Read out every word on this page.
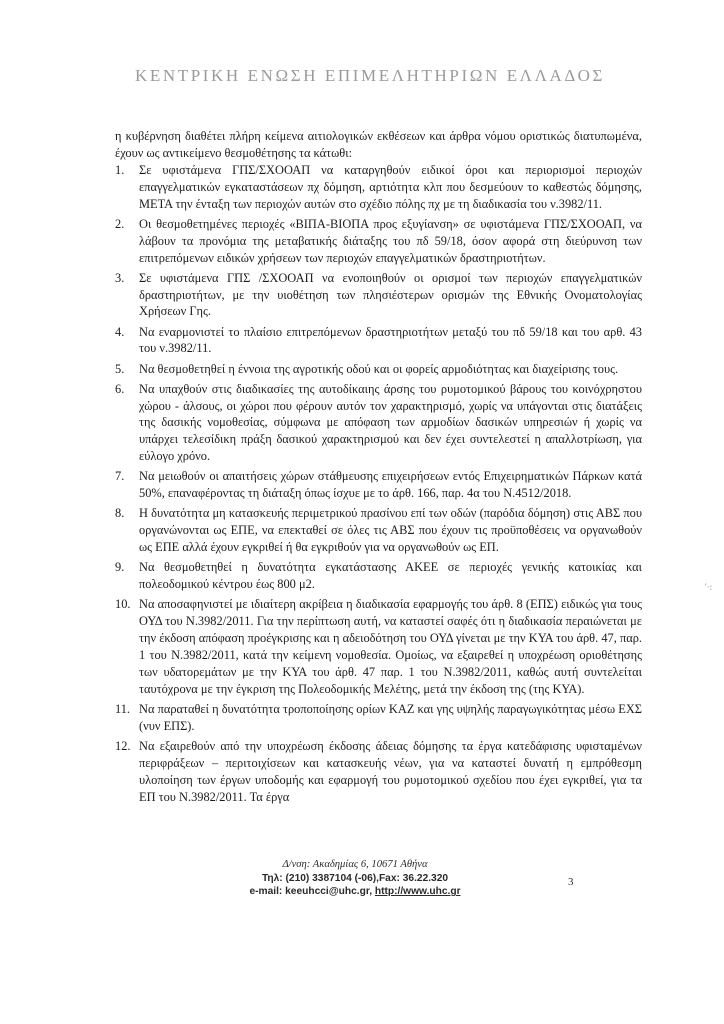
ΚΕΝΤΡΙΚΗ ΕΝΩΣΗ ΕΠΙΜΕΛΗΤΗΡΙΩΝ ΕΛΛΑΔΟΣ

η κυβέρνηση διαθέτει πλήρη κείμενα αιτιολογικών εκθέσεων και άρθρα νόμου οριστικώς διατυπωμένα, έχουν ως αντικείμενο θεσμοθέτησης τα κάτωθι:

1.	Σε υφιστάμενα ΓΠΣ/ΣΧΟΟΑΠ να καταργηθούν ειδικοί όροι και περιορισμοί περιοχών επαγγελματικών εγκαταστάσεων πχ δόμηση, αρτιότητα κλπ που δεσμεύουν το καθεστώς δόμησης, ΜΕΤΑ την ένταξη των περιοχών αυτών στο σχέδιο πόλης πχ με τη διαδικασία του ν.3982/11.
2.	Οι θεσμοθετημένες περιοχές «ΒΙΠΑ-ΒΙΟΠΑ προς εξυγίανση» σε υφιστάμενα ΓΠΣ/ΣΧΟΟΑΠ, να λάβουν τα προνόμια της μεταβατικής διάταξης του πδ 59/18, όσον αφορά στη διεύρυνση των επιτρεπόμενων ειδικών χρήσεων των περιοχών επαγγελματικών δραστηριοτήτων.
3.	Σε υφιστάμενα ΓΠΣ /ΣΧΟΟΑΠ να ενοποιηθούν οι ορισμοί των περιοχών επαγγελματικών δραστηριοτήτων, με την υιοθέτηση των πλησιέστερων ορισμών της Εθνικής Ονοματολογίας Χρήσεων Γης.
4.	Να εναρμονιστεί το πλαίσιο επιτρεπόμενων δραστηριοτήτων μεταξύ του πδ 59/18 και του αρθ. 43 του ν.3982/11.
5.	Να θεσμοθετηθεί η έννοια της αγροτικής οδού και οι φορείς αρμοδιότητας και διαχείρισης τους.
6.	Να υπαχθούν στις διαδικασίες της αυτοδίκαιης άρσης του ρυμοτομικού βάρους του κοινόχρηστου χώρου - άλσους, οι χώροι που φέρουν αυτόν τον χαρακτηρισμό, χωρίς να υπάγονται στις διατάξεις της δασικής νομοθεσίας, σύμφωνα με απόφαση των αρμοδίων δασικών υπηρεσιών ή χωρίς να υπάρχει τελεσίδικη πράξη δασικού χαρακτηρισμού και δεν έχει συντελεστεί η απαλλοτρίωση, για εύλογο χρόνο.
7.	Να μειωθούν οι απαιτήσεις χώρων στάθμευσης επιχειρήσεων εντός Επιχειρηματικών Πάρκων κατά 50%, επαναφέροντας τη διάταξη όπως ίσχυε με το άρθ. 166, παρ. 4α του Ν.4512/2018.
8.	Η δυνατότητα μη κατασκευής περιμετρικού πρασίνου επί των οδών (παρόδια δόμηση) στις ΑΒΣ που οργανώνονται ως ΕΠΕ, να επεκταθεί σε όλες τις ΑΒΣ που έχουν τις προϋποθέσεις να οργανωθούν ως ΕΠΕ αλλά έχουν εγκριθεί ή θα εγκριθούν για να οργανωθούν ως ΕΠ.
9.	Να θεσμοθετηθεί η δυνατότητα εγκατάστασης ΑΚΕΕ σε περιοχές γενικής κατοικίας και πολεοδομικού κέντρου έως 800 μ2.
10. Να αποσαφηνιστεί με ιδιαίτερη ακρίβεια η διαδικασία εφαρμογής του άρθ. 8 (ΕΠΣ) ειδικώς για τους ΟΥΔ του Ν.3982/2011. Για την περίπτωση αυτή, να καταστεί σαφές ότι η διαδικασία περαιώνεται με την έκδοση απόφαση προέγκρισης και η αδειοδότηση του ΟΥΔ γίνεται με την ΚΥΑ του άρθ. 47, παρ. 1 του Ν.3982/2011, κατά την κείμενη νομοθεσία. Ομοίως, να εξαιρεθεί η υποχρέωση οριοθέτησης των υδατορεμάτων με την ΚΥΑ του άρθ. 47 παρ. 1 του Ν.3982/2011, καθώς αυτή συντελείται ταυτόχρονα με την έγκριση της Πολεοδομικής Μελέτης, μετά την έκδοση της (της ΚΥΑ).
11. Να παραταθεί η δυνατότητα τροποποίησης ορίων ΚΑΖ και γης υψηλής παραγωγικότητας μέσω ΕΧΣ (νυν ΕΠΣ).
12. Να εξαιρεθούν από την υποχρέωση έκδοσης άδειας δόμησης τα έργα κατεδάφισης υφισταμένων περιφράξεων – περιτοιχίσεων και κατασκευής νέων, για να καταστεί δυνατή η εμπρόθεσμη υλοποίηση των έργων υποδομής και εφαρμογή του ρυμοτομικού σχεδίου που έχει εγκριθεί, για τα ΕΠ του Ν.3982/2011. Τα έργα
Δ/νση: Ακαδημίας 6, 10671 Αθήνα
Τηλ: (210) 3387104 (-06),Fax: 36.22.320
e-mail: keeuhcci@uhc.gr, http://www.uhc.gr
3
'·:
